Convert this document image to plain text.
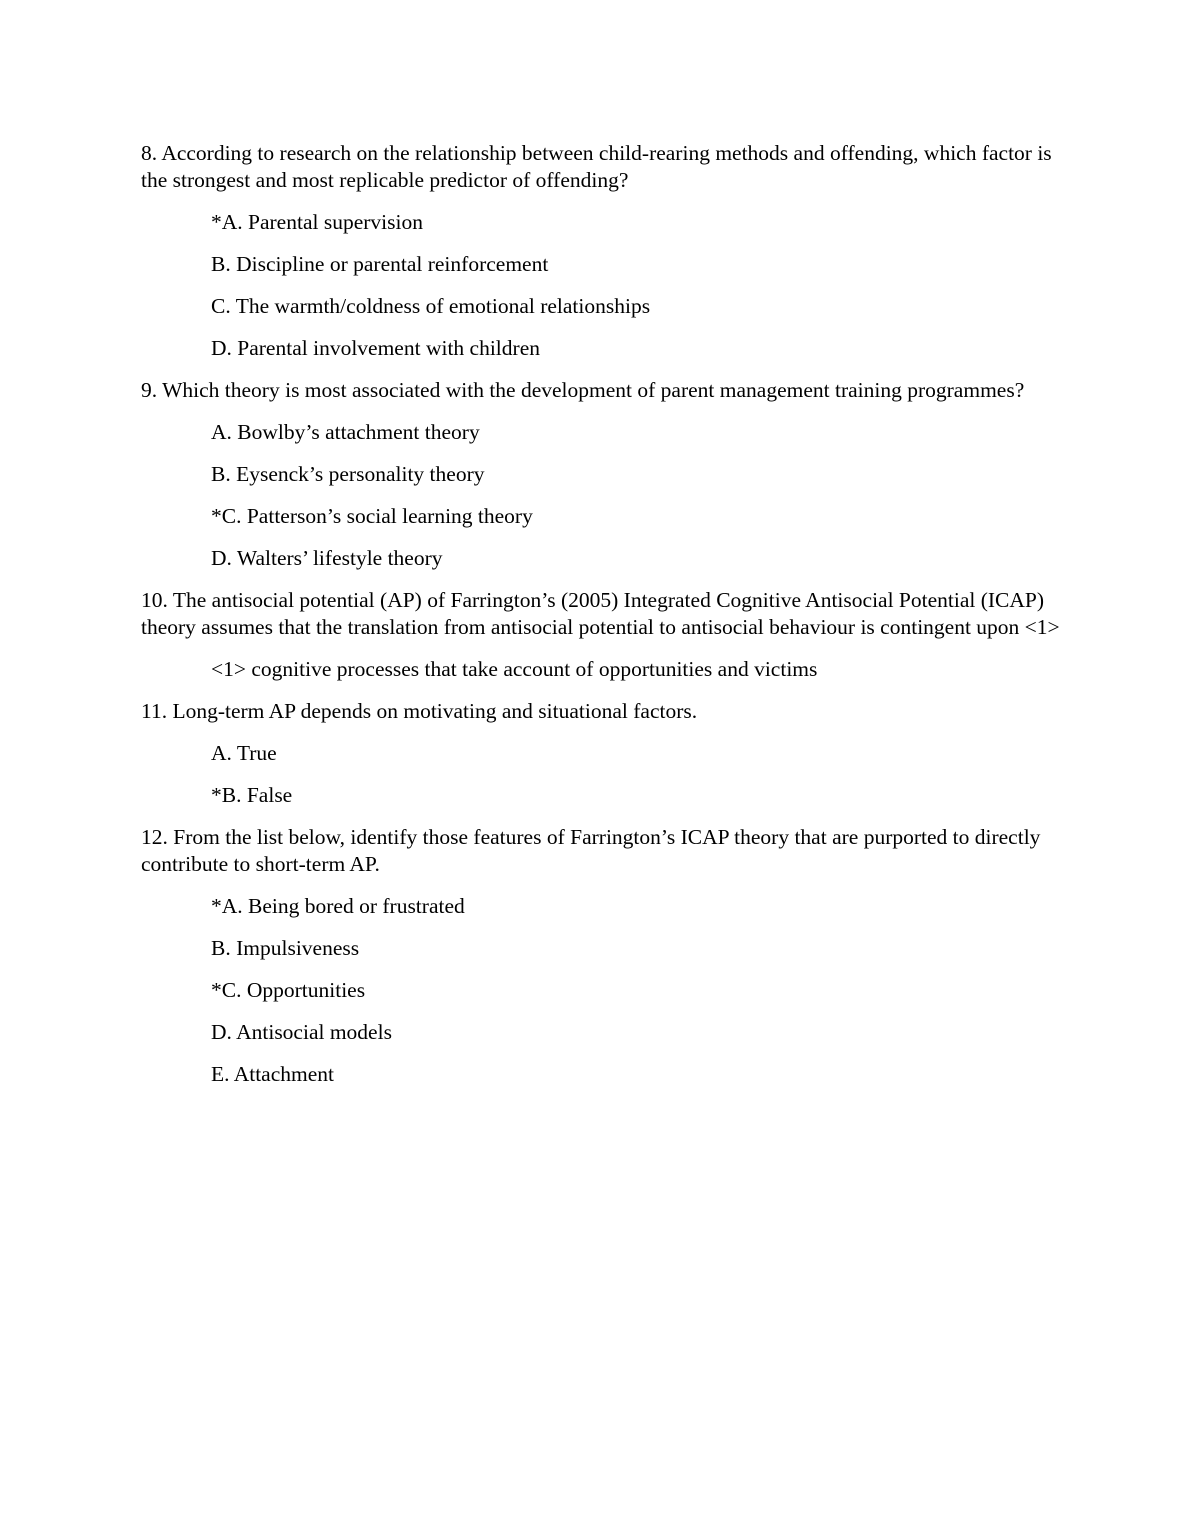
8. According to research on the relationship between child-rearing methods and offending, which factor is the strongest and most replicable predictor of offending?

*A. Parental supervision

B. Discipline or parental reinforcement

C. The warmth/coldness of emotional relationships

D. Parental involvement with children

9. Which theory is most associated with the development of parent management training programmes?

A. Bowlby’s attachment theory

B. Eysenck’s personality theory

*C. Patterson’s social learning theory

D. Walters’ lifestyle theory

10. The antisocial potential (AP) of Farrington’s (2005) Integrated Cognitive Antisocial Potential (ICAP) theory assumes that the translation from antisocial potential to antisocial behaviour is contingent upon <1>

<1> cognitive processes that take account of opportunities and victims

11. Long-term AP depends on motivating and situational factors.

A. True

*B. False

12. From the list below, identify those features of Farrington’s ICAP theory that are purported to directly contribute to short-term AP.

*A. Being bored or frustrated

B. Impulsiveness

*C. Opportunities

D. Antisocial models

E. Attachment
